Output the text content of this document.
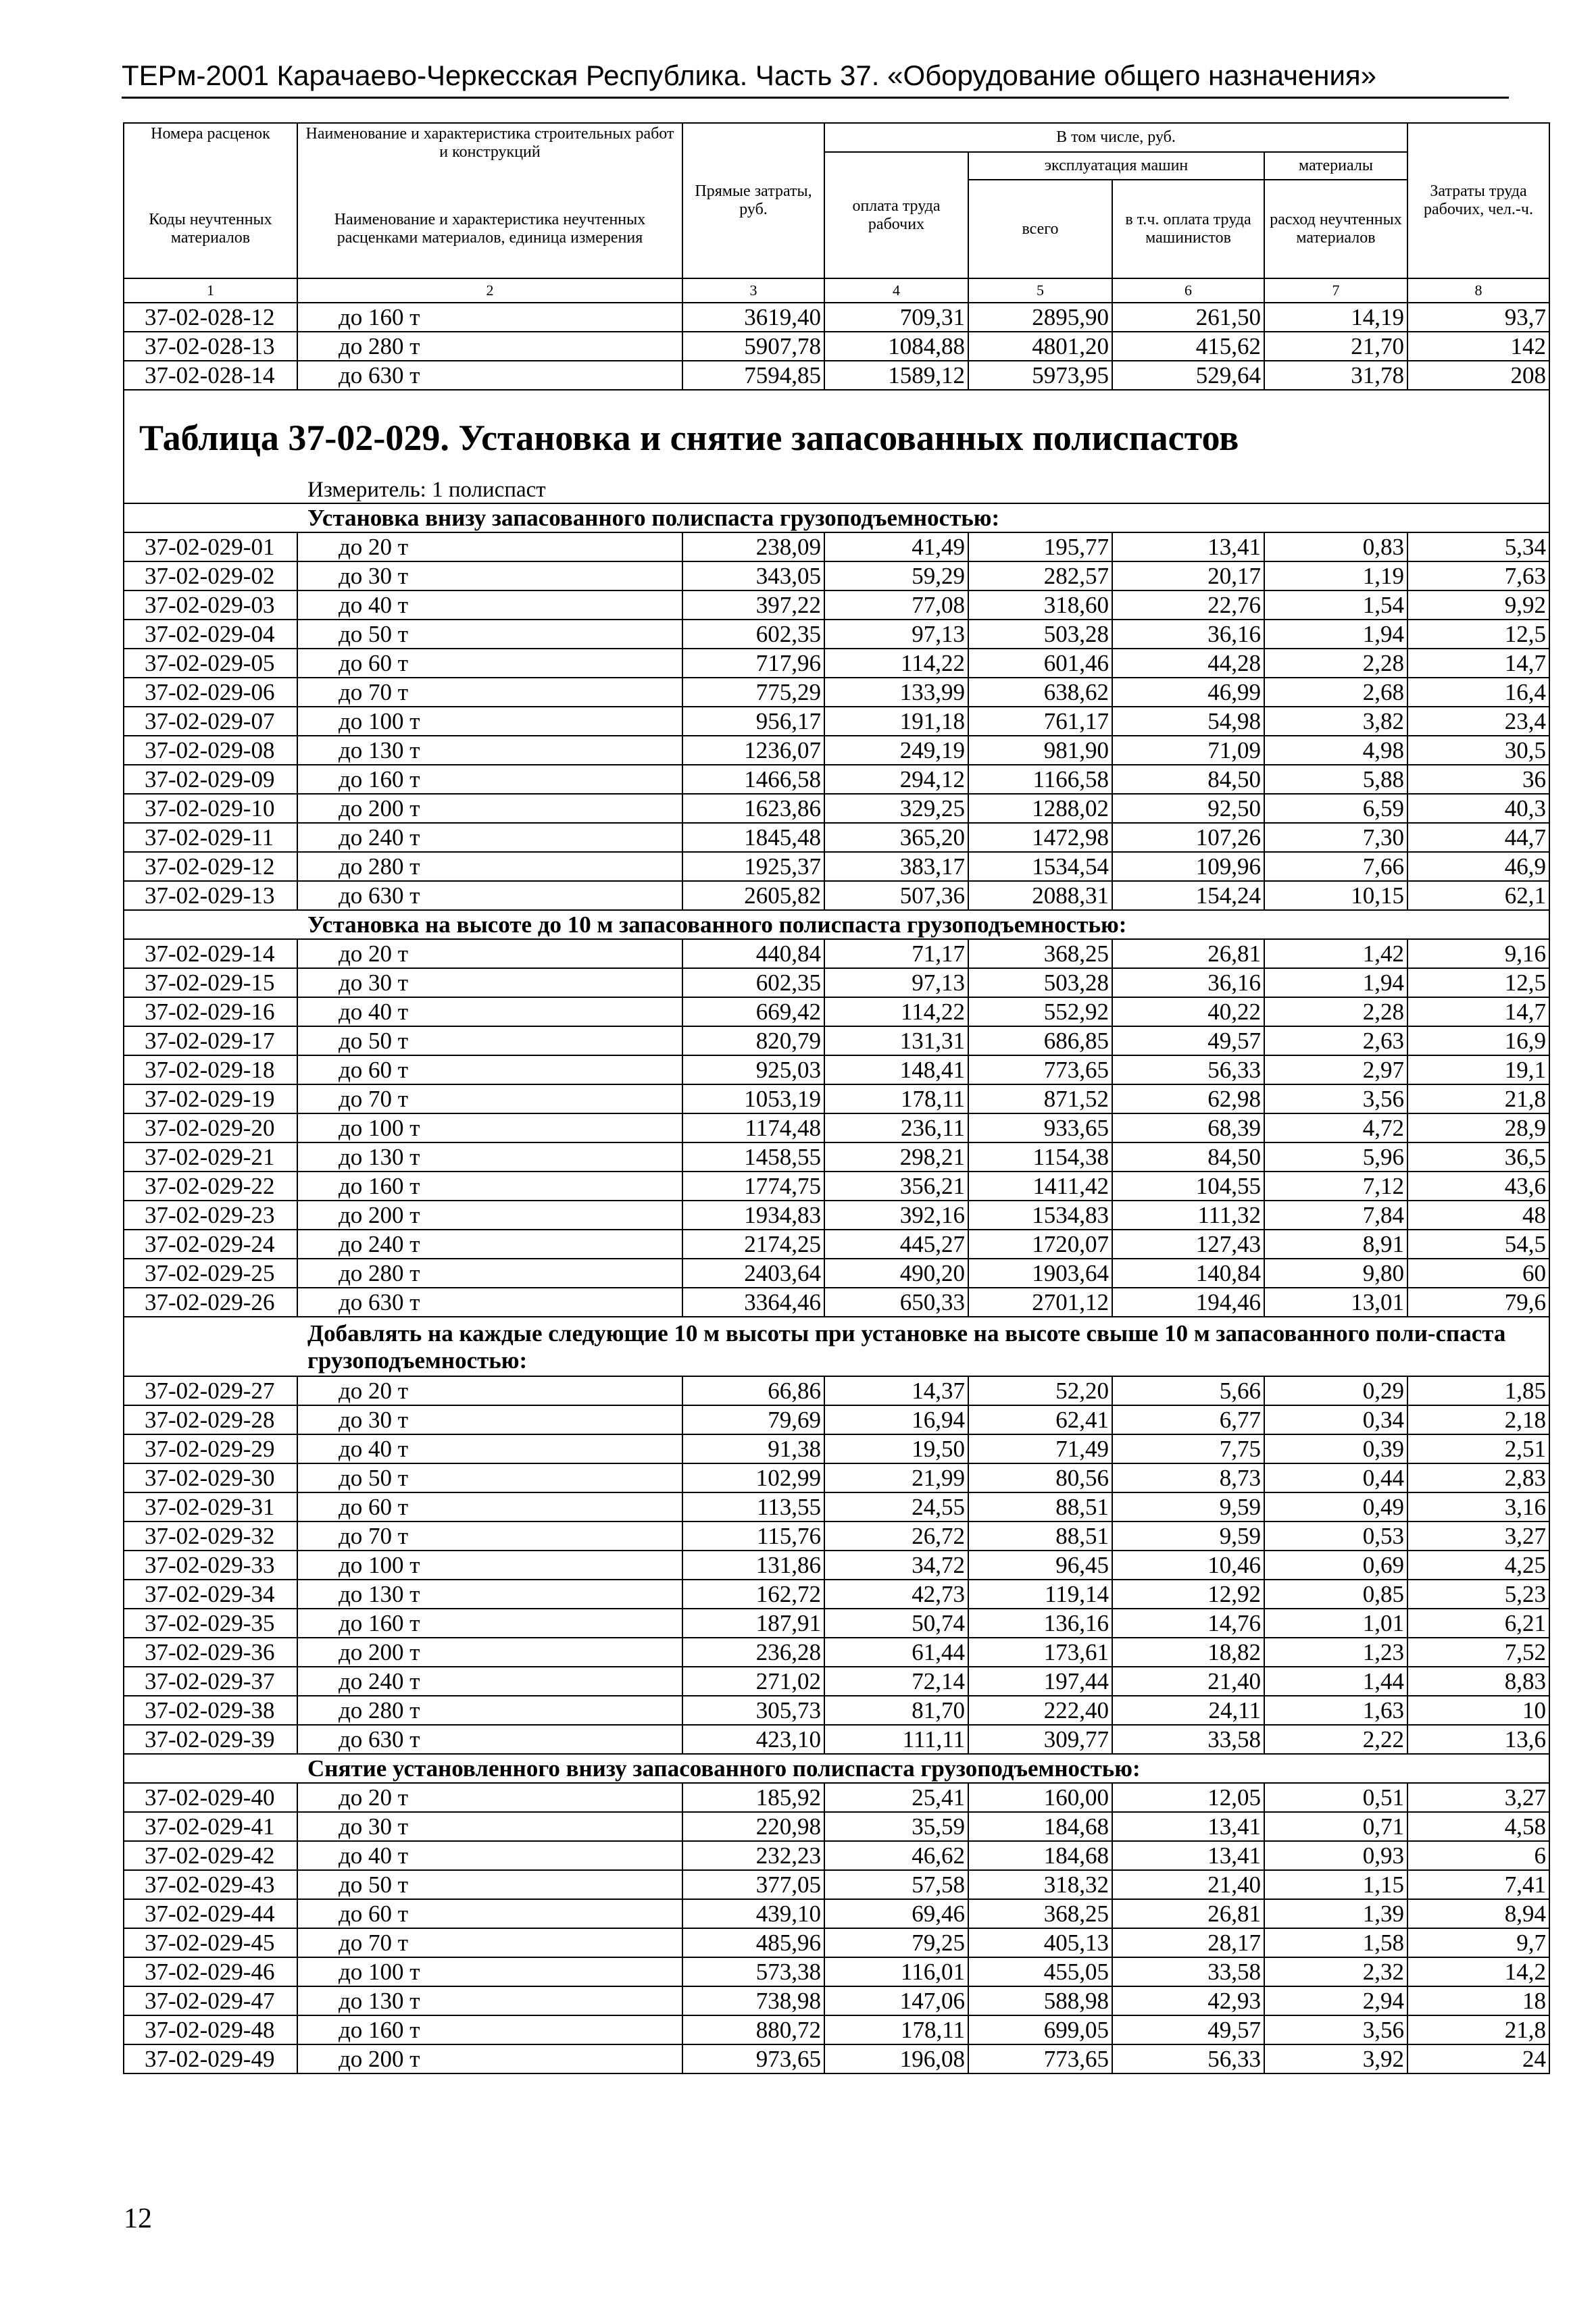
ТЕРм-2001 Карачаево-Черкесская Республика. Часть 37. «Оборудование общего назначения»
Номера расценок	Наименование и характеристика строительных работ и конструкций	Прямые затраты, руб.	В том числе, руб.				Затраты труда рабочих, чел.-ч.
			оплата труда рабочих	эксплуатация машин		материалы	
Коды неучтенных материалов	Наименование и характеристика неучтенных расценками материалов, единица измерения			всего	в т.ч. оплата труда машинистов	расход неучтенных материалов	
1	2	3	4	5	6	7	8
37-02-028-12	до 160 т	3619,40	709,31	2895,90	261,50	14,19	93,7
37-02-028-13	до 280 т	5907,78	1084,88	4801,20	415,62	21,70	142
37-02-028-14	до 630 т	7594,85	1589,12	5973,95	529,64	31,78	208

Таблица 37-02-029. Установка и снятие запасованных полиспастов							

	Измеритель: 1 полиспаст						
	Установка внизу запасованного полиспаста грузоподъемностью:						
37-02-029-01	до 20 т	238,09	41,49	195,77	13,41	0,83	5,34
37-02-029-02	до 30 т	343,05	59,29	282,57	20,17	1,19	7,63
37-02-029-03	до 40 т	397,22	77,08	318,60	22,76	1,54	9,92
37-02-029-04	до 50 т	602,35	97,13	503,28	36,16	1,94	12,5
37-02-029-05	до 60 т	717,96	114,22	601,46	44,28	2,28	14,7
37-02-029-06	до 70 т	775,29	133,99	638,62	46,99	2,68	16,4
37-02-029-07	до 100 т	956,17	191,18	761,17	54,98	3,82	23,4
37-02-029-08	до 130 т	1236,07	249,19	981,90	71,09	4,98	30,5
37-02-029-09	до 160 т	1466,58	294,12	1166,58	84,50	5,88	36
37-02-029-10	до 200 т	1623,86	329,25	1288,02	92,50	6,59	40,3
37-02-029-11	до 240 т	1845,48	365,20	1472,98	107,26	7,30	44,7
37-02-029-12	до 280 т	1925,37	383,17	1534,54	109,96	7,66	46,9
37-02-029-13	до 630 т	2605,82	507,36	2088,31	154,24	10,15	62,1
	Установка на высоте до 10 м запасованного полиспаста грузоподъемностью:						
37-02-029-14	до 20 т	440,84	71,17	368,25	26,81	1,42	9,16
37-02-029-15	до 30 т	602,35	97,13	503,28	36,16	1,94	12,5
37-02-029-16	до 40 т	669,42	114,22	552,92	40,22	2,28	14,7
37-02-029-17	до 50 т	820,79	131,31	686,85	49,57	2,63	16,9
37-02-029-18	до 60 т	925,03	148,41	773,65	56,33	2,97	19,1
37-02-029-19	до 70 т	1053,19	178,11	871,52	62,98	3,56	21,8
37-02-029-20	до 100 т	1174,48	236,11	933,65	68,39	4,72	28,9
37-02-029-21	до 130 т	1458,55	298,21	1154,38	84,50	5,96	36,5
37-02-029-22	до 160 т	1774,75	356,21	1411,42	104,55	7,12	43,6
37-02-029-23	до 200 т	1934,83	392,16	1534,83	111,32	7,84	48
37-02-029-24	до 240 т	2174,25	445,27	1720,07	127,43	8,91	54,5
37-02-029-25	до 280 т	2403,64	490,20	1903,64	140,84	9,80	60
37-02-029-26	до 630 т	3364,46	650,33	2701,12	194,46	13,01	79,6
	Добавлять на каждые следующие 10 м высоты при установке на высоте свыше 10 м запасованного поли-спаста грузоподъемностью:						
37-02-029-27	до 20 т	66,86	14,37	52,20	5,66	0,29	1,85
37-02-029-28	до 30 т	79,69	16,94	62,41	6,77	0,34	2,18
37-02-029-29	до 40 т	91,38	19,50	71,49	7,75	0,39	2,51
37-02-029-30	до 50 т	102,99	21,99	80,56	8,73	0,44	2,83
37-02-029-31	до 60 т	113,55	24,55	88,51	9,59	0,49	3,16
37-02-029-32	до 70 т	115,76	26,72	88,51	9,59	0,53	3,27
37-02-029-33	до 100 т	131,86	34,72	96,45	10,46	0,69	4,25
37-02-029-34	до 130 т	162,72	42,73	119,14	12,92	0,85	5,23
37-02-029-35	до 160 т	187,91	50,74	136,16	14,76	1,01	6,21
37-02-029-36	до 200 т	236,28	61,44	173,61	18,82	1,23	7,52
37-02-029-37	до 240 т	271,02	72,14	197,44	21,40	1,44	8,83
37-02-029-38	до 280 т	305,73	81,70	222,40	24,11	1,63	10
37-02-029-39	до 630 т	423,10	111,11	309,77	33,58	2,22	13,6
	Снятие установленного внизу запасованного полиспаста грузоподъемностью:						
37-02-029-40	до 20 т	185,92	25,41	160,00	12,05	0,51	3,27
37-02-029-41	до 30 т	220,98	35,59	184,68	13,41	0,71	4,58
37-02-029-42	до 40 т	232,23	46,62	184,68	13,41	0,93	6
37-02-029-43	до 50 т	377,05	57,58	318,32	21,40	1,15	7,41
37-02-029-44	до 60 т	439,10	69,46	368,25	26,81	1,39	8,94
37-02-029-45	до 70 т	485,96	79,25	405,13	28,17	1,58	9,7
37-02-029-46	до 100 т	573,38	116,01	455,05	33,58	2,32	14,2
37-02-029-47	до 130 т	738,98	147,06	588,98	42,93	2,94	18
37-02-029-48	до 160 т	880,72	178,11	699,05	49,57	3,56	21,8
37-02-029-49	до 200 т	973,65	196,08	773,65	56,33	3,92	24
12
